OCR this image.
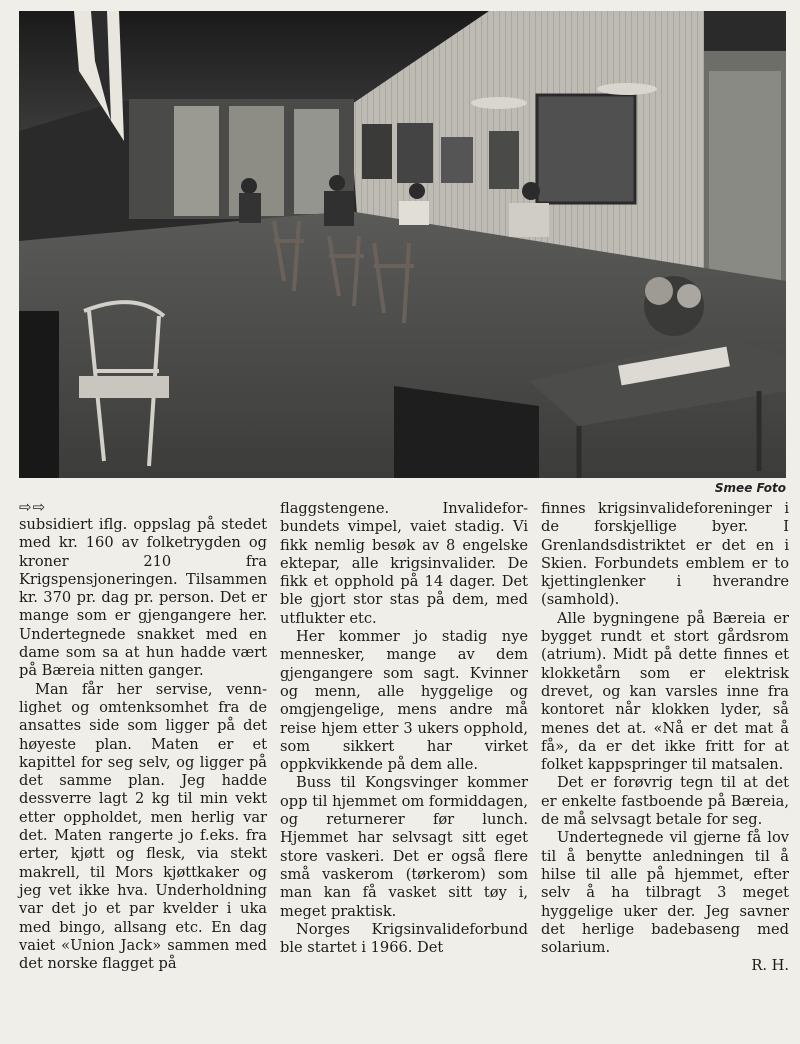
Smee Foto
⇨⇨

subsidiert iflg. oppslag på stedet med kr. 160 av folketrygden og kroner 210 fra Krigspensjoneringen. Tilsammen kr. 370 pr. dag pr. person. Det er mange som er gjengangere her. Undertegnede snakket med en dame som sa at hun hadde vært på Bæreia nitten ganger.

Man får her servise, vennlighet og omtenksomhet fra de ansattes side som ligger på det høyeste plan. Maten er et kapittel for seg selv, og ligger på det samme plan. Jeg hadde dessverre lagt 2 kg til min vekt etter oppholdet, men herlig var det. Maten rangerte jo f.eks. fra erter, kjøtt og flesk, via stekt makrell, til Mors kjøttkaker og jeg vet ikke hva. Underholdning var det jo et par kvelder i uka med bingo, allsang etc. En dag vaiet «Union Jack» sammen med det norske flagget på

flaggstengene. Invalideforbundets vimpel, vaiet stadig. Vi fikk nemlig besøk av 8 engelske ektepar, alle krigsinvalider. De fikk et opphold på 14 dager. Det ble gjort stor stas på dem, med utflukter etc.

Her kommer jo stadig nye mennesker, mange av dem gjengangere som sagt. Kvinner og menn, alle hyggelige og omgjengelige, mens andre må reise hjem etter 3 ukers opphold, som sikkert har virket oppkvikkende på dem alle.

Buss til Kongsvinger kommer opp til hjemmet om formiddagen, og returnerer før lunch. Hjemmet har selvsagt sitt eget store vaskeri. Det er også flere små vaskerom (tørkerom) som man kan få vasket sitt tøy i, meget praktisk.

Norges Krigsinvalideforbund ble startet i 1966. Det

finnes krigsinvalideforeninger i de forskjellige byer. I Grenlandsdistriktet er det en i Skien. Forbundets emblem er to kjettinglenker i hverandre (samhold).

Alle bygningene på Bæreia er bygget rundt et stort gårdsrom (atrium). Midt på dette finnes et klokketårn som er elektrisk drevet, og kan varsles inne fra kontoret når klokken lyder, så menes det at. «Nå er det mat å få», da er det ikke fritt for at folket kappspringer til matsalen.

Det er forøvrig tegn til at det er enkelte fastboende på Bæreia, de må selvsagt betale for seg.

Undertegnede vil gjerne få lov til å benytte anledningen til å hilse til alle på hjemmet, efter selv å ha tilbragt 3 meget hyggelige uker der. Jeg savner det herlige badebaseng med solarium.

R. H.
